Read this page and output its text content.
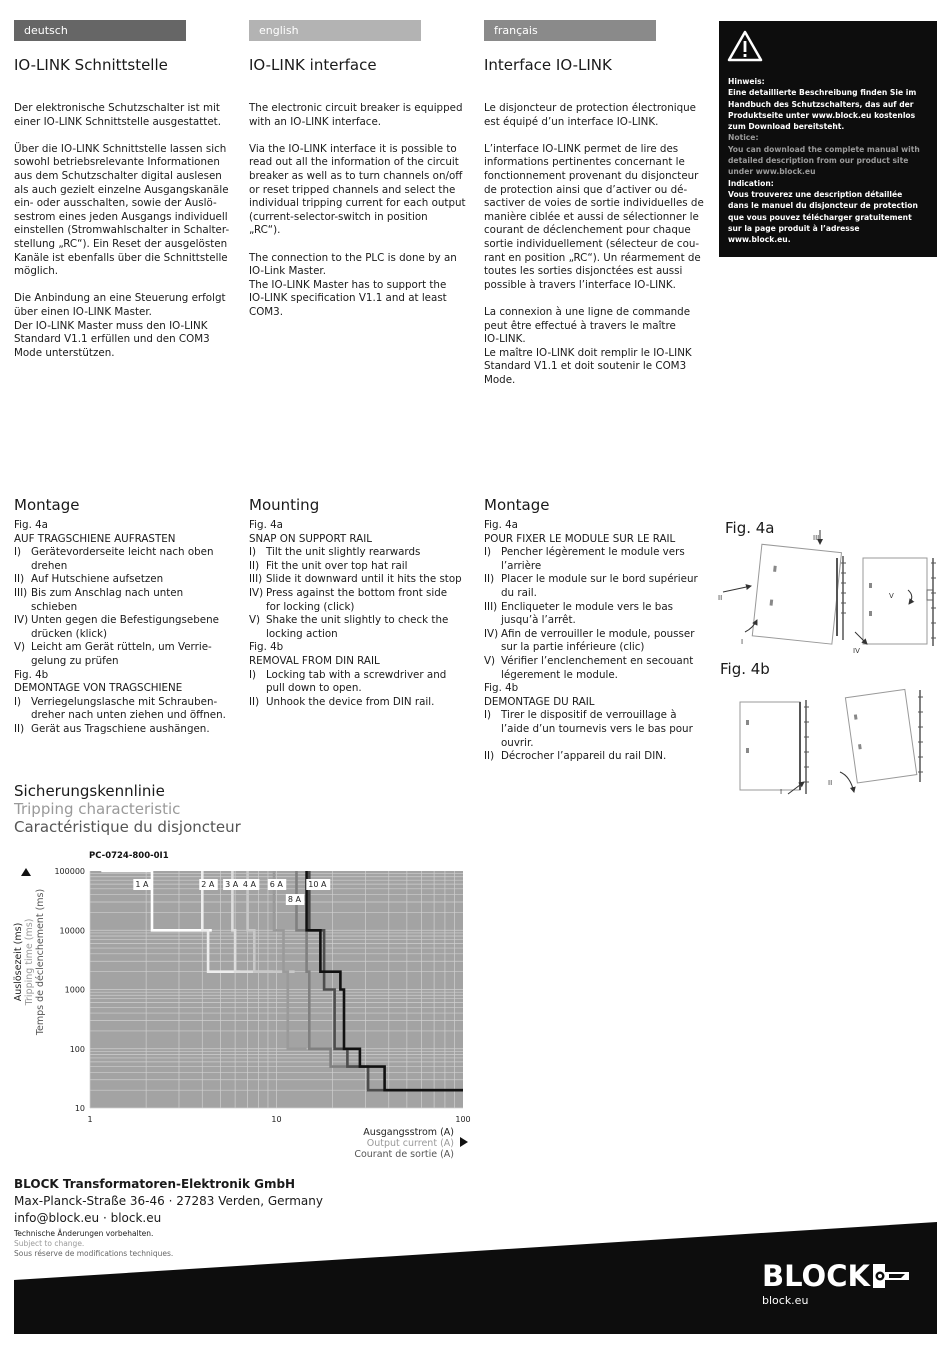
deutsch	english	français
IO-LINK Schnittstelle	IO-LINK interface	Interface IO-LINK
Der elektronische Schutzschalter ist mit
einer IO-LINK Schnittstelle ausgestattet.

Über die IO-LINK Schnittstelle lassen sich
sowohl betriebsrelevante Informationen
aus dem Schutzschalter digital auslesen
als auch gezielt einzelne Ausgangskanäle
ein- oder ausschalten, sowie der Auslö-
sestrom eines jeden Ausgangs individuell
einstellen (Stromwahlschalter in Schalter-
stellung „RC“). Ein Reset der ausgelösten
Kanäle ist ebenfalls über die Schnittstelle
möglich.

Die Anbindung an eine Steuerung erfolgt
über einen IO-LINK Master.
Der IO-LINK Master muss den IO-LINK
Standard V1.1 erfüllen und den COM3
Mode unterstützen.
The electronic circuit breaker is equipped
with an IO-LINK interface.

Via the IO-LINK interface it is possible to
read out all the information of the circuit
breaker as well as to turn channels on/off
or reset tripped channels and select the
individual tripping current for each output
(current-selector-switch in position
„RC“).

The connection to the PLC is done by an
IO-Link Master.
The IO-LINK Master has to support the
IO-LINK specification V1.1 and at least
COM3.
Le disjoncteur de protection électronique
est équipé d’un interface IO-LINK.

L’interface IO-LINK permet de lire des
informations pertinentes concernant le
fonctionnement provenant du disjoncteur
de protection ainsi que d’activer ou dé-
sactiver de voies de sortie individuelles de
manière ciblée et aussi de sélectionner le
courant de déclenchement pour chaque
sortie individuellement (sélecteur de cou-
rant en position „RC“). Un réarmement de
toutes les sorties disjonctées est aussi
possible à travers l’interface IO-LINK.

La connexion à une ligne de commande
peut être effectué à travers le maître
IO-LINK.
Le maître IO-LINK doit remplir le IO-LINK
Standard V1.1 et doit soutenir le COM3
Mode.
Hinweis:
Eine detaillierte Beschreibung finden Sie im
Handbuch des Schutzschalters, das auf der
Produktseite unter www.block.eu kostenlos
zum Download bereitsteht.
Notice:
You can download the complete manual with
detailed description from our product site
under www.block.eu
Indication:
Vous trouverez une description détaillée
dans le manuel du disjoncteur de protection
que vous pouvez télécharger gratuitement
sur la page produit à l’adresse
www.block.eu.
Montage
Fig. 4a
AUF TRAGSCHIENE AUFRASTEN
I) Gerätevorderseite leicht nach oben
drehen
II) Auf Hutschiene aufsetzen
III) Bis zum Anschlag nach unten
schieben
IV) Unten gegen die Befestigungsebene
drücken (klick)
V) Leicht am Gerät rütteln, um Verrie-
gelung zu prüfen
Fig. 4b
DEMONTAGE VON TRAGSCHIENE
I) Verriegelungslasche mit Schrauben-
dreher nach unten ziehen und öffnen.
II) Gerät aus Tragschiene aushängen.
Mounting
Fig. 4a
SNAP ON SUPPORT RAIL
I) Tilt the unit slightly rearwards
II) Fit the unit over top hat rail
III) Slide it downward until it hits the stop
IV) Press against the bottom front side
for locking (click)
V) Shake the unit slightly to check the
locking action
Fig. 4b
REMOVAL FROM DIN RAIL
I) Locking tab with a screwdriver and
pull down to open.
II) Unhook the device from DIN rail.
Montage
Fig. 4a
POUR FIXER LE MODULE SUR LE RAIL
I) Pencher légèrement le module vers
l’arrière
II) Placer le module sur le bord supérieur
du rail.
III) Encliqueter le module vers le bas
jusqu’à l’arrêt.
IV) Afin de verrouiller le module, pousser
sur la partie inférieure (clic)
V) Vérifier l’enclenchement en secouant
légerement le module.
Fig. 4b
DEMONTAGE DU RAIL
I) Tirer le dispositif de verrouillage à
l’aide d’un tournevis vers le bas pour
ouvrir.
II) Décrocher l’appareil du rail DIN.
Fig. 4a
III
II
I
IV
V
Fig. 4b
I
II
Sicherungskennlinie
Tripping characteristic
Caractéristique du disjoncteur
1 A	2 A 3 A 4 A 6 A
8 A
10 A
PC-0724-800-0I1
10
100
1000
10000
100000
1	10	100
Ausgangsstrom (A)
Output current (A)
Courant de sortie (A)
Auslösezeit (ms) Tripping time (ms) Temps de déclenchement (ms)
BLOCK Transformatoren-Elektronik GmbH
Max-Planck-Straße 36-46 · 27283 Verden, Germany
info@block.eu · block.eu
Technische Änderungen vorbehalten.
Subject to change.
Sous réserve de modifications techniques.
BLOCK
block.eu
